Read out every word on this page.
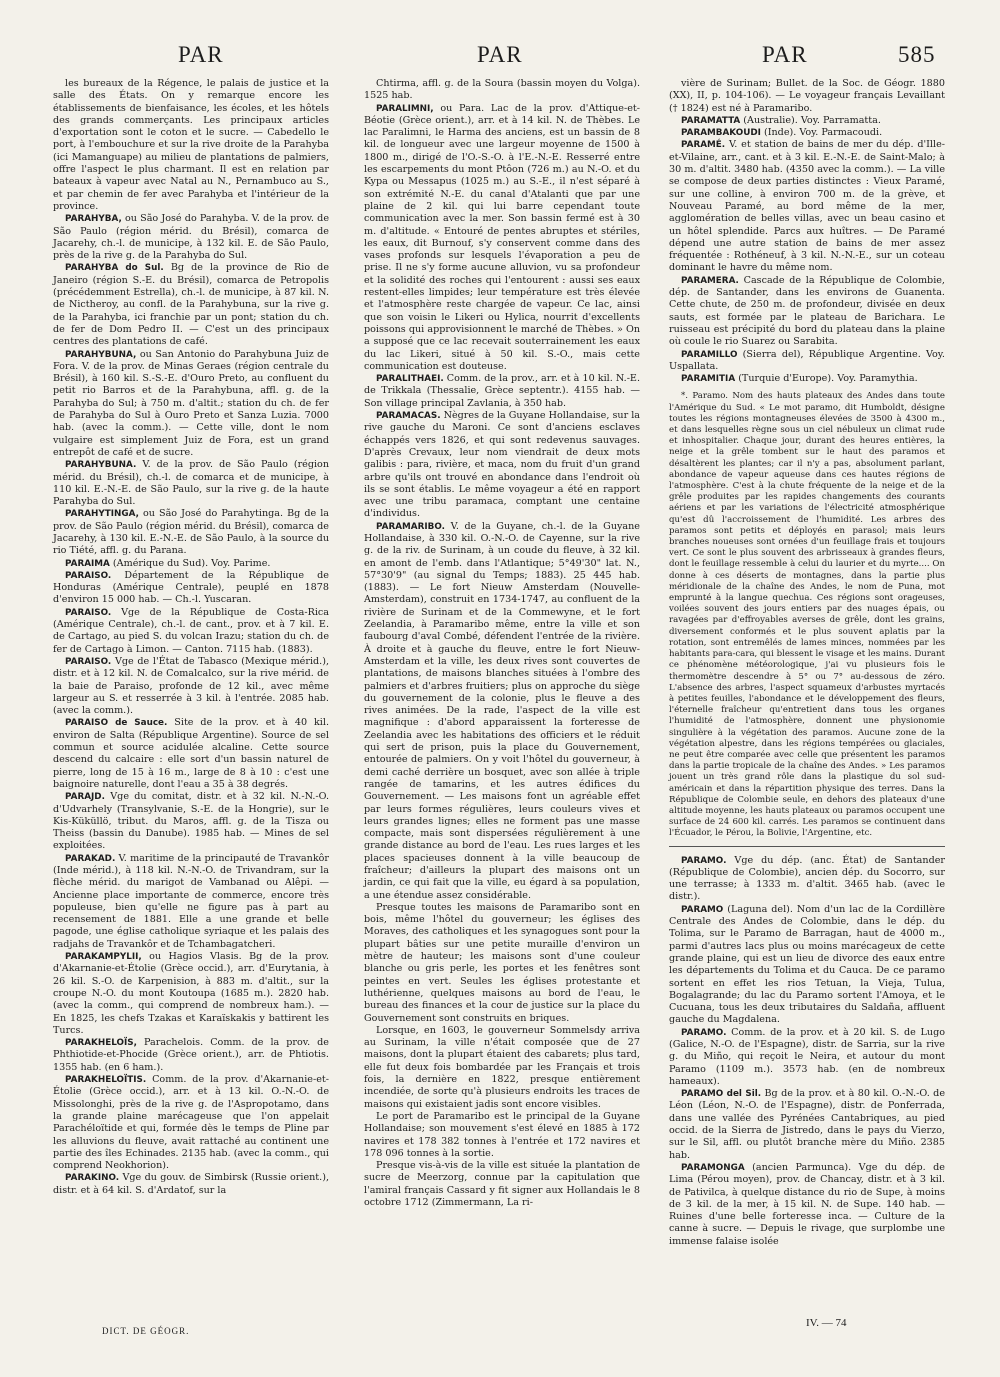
PAR	PAR	PAR	585

les bureaux de la Régence, le palais de justice et la salle des États. On y remarque encore les établissements de bienfaisance, les écoles, et les hôtels des grands commerçants. Les principaux articles d'exportation sont le coton et le sucre. — Cabedello le port, à l'embouchure et sur la rive droite de la Parahyba (ici Mamanguape) au milieu de plantations de palmiers, offre l'aspect le plus charmant. Il est en relation par bateaux à vapeur avec Natal au N., Pernambuco au S., et par chemin de fer avec Parahyba et l'intérieur de la province.

PARAHYBA, ou São José do Parahyba. V. de la prov. de São Paulo (région mérid. du Brésil), comarca de Jacarehy, ch.-l. de municipe, à 132 kil. E. de São Paulo, près de la rive g. de la Parahyba do Sul.

PARAHYBA do Sul. Bg de la province de Rio de Janeiro (région S.-E. du Brésil), comarca de Petropolis (précédemment Estrella), ch.-l. de municipe, à 87 kil. N. de Nictheroy, au confl. de la Parahybuna, sur la rive g. de la Parahyba, ici franchie par un pont; station du ch. de fer de Dom Pedro II. — C'est un des principaux centres des plantations de café.

PARAHYBUNA, ou San Antonio do Parahybuna Juiz de Fora. V. de la prov. de Minas Geraes (région centrale du Brésil), à 160 kil. S.-S.-E. d'Ouro Preto, au confluent du petit rio Barros et de la Parahybuna, affl. g. de la Parahyba do Sul; à 750 m. d'altit.; station du ch. de fer de Parahyba do Sul à Ouro Preto et Sanza Luzia. 7000 hab. (avec la comm.). — Cette ville, dont le nom vulgaire est simplement Juiz de Fora, est un grand entrepôt de café et de sucre.

PARAHYBUNA. V. de la prov. de São Paulo (région mérid. du Brésil), ch.-l. de comarca et de municipe, à 110 kil. E.-N.-E. de São Paulo, sur la rive g. de la haute Parahyba do Sul.

PARAHYTINGA, ou São José do Parahytinga. Bg de la prov. de São Paulo (région mérid. du Brésil), comarca de Jacarehy, à 130 kil. E.-N.-E. de São Paulo, à la source du rio Tiété, affl. g. du Parana.

PARAIMA (Amérique du Sud). Voy. Parime.

PARAISO. Département de la République de Honduras (Amérique Centrale), peuplé en 1878 d'environ 15 000 hab. — Ch.-l. Yuscaran.

PARAISO. Vge de la République de Costa-Rica (Amérique Centrale), ch.-l. de cant., prov. et à 7 kil. E. de Cartago, au pied S. du volcan Irazu; station du ch. de fer de Cartago à Limon. — Canton. 7115 hab. (1883).

PARAISO. Vge de l'État de Tabasco (Mexique mérid.), distr. et à 12 kil. N. de Comalcalco, sur la rive mérid. de la baie de Paraiso, profonde de 12 kil., avec même largeur au S. et resserrée à 3 kil. à l'entrée. 2085 hab. (avec la comm.).

PARAISO de Sauce. Site de la prov. et à 40 kil. environ de Salta (République Argentine). Source de sel commun et source acidulée alcaline. Cette source descend du calcaire : elle sort d'un bassin naturel de pierre, long de 15 à 16 m., large de 8 à 10 : c'est une baignoire naturelle, dont l'eau a 35 à 38 degrés.

PARAJD. Vge du comitat, distr. et à 32 kil. N.-N.-O. d'Udvarhely (Transylvanie, S.-E. de la Hongrie), sur le Kis-Küküllö, tribut. du Maros, affl. g. de la Tisza ou Theiss (bassin du Danube). 1985 hab. — Mines de sel exploitées.

PARAKAD. V. maritime de la principauté de Travankôr (Inde mérid.), à 118 kil. N.-N.-O. de Trivandram, sur la flèche mérid. du marigot de Vambanad ou Alêpi. — Ancienne place importante de commerce, encore très populeuse, bien qu'elle ne figure pas à part au recensement de 1881. Elle a une grande et belle pagode, une église catholique syriaque et les palais des radjahs de Travankôr et de Tchambagatcheri.

PARAKAMPYLII, ou Hagios Vlasis. Bg de la prov. d'Akarnanie-et-Étolie (Grèce occid.), arr. d'Eurytania, à 26 kil. S.-O. de Karpenision, à 883 m. d'altit., sur la croupe N.-O. du mont Koutoupa (1685 m.). 2820 hab. (avec la comm., qui comprend de nombreux ham.). — En 1825, les chefs Tzakas et Karaïskakis y battirent les Turcs.

PARAKHELOÏS, Parachelois. Comm. de la prov. de Phthiotide-et-Phocide (Grèce orient.), arr. de Phtiotis. 1355 hab. (en 6 ham.).

PARAKHELOÏTIS. Comm. de la prov. d'Akarnanie-et-Étolie (Grèce occid.), arr. et à 13 kil. O.-N.-O. de Missolonghi, près de la rive g. de l'Aspropotamo, dans la grande plaine marécageuse que l'on appelait Parachéloïtide et qui, formée dès le temps de Pline par les alluvions du fleuve, avait rattaché au continent une partie des îles Echinades. 2135 hab. (avec la comm., qui comprend Neokhorion).

PARAKINO. Vge du gouv. de Simbirsk (Russie orient.), distr. et à 64 kil. S. d'Ardatof, sur la

Chtirma, affl. g. de la Soura (bassin moyen du Volga). 1525 hab.

PARALIMNI, ou Para. Lac de la prov. d'Attique-et-Béotie (Grèce orient.), arr. et à 14 kil. N. de Thèbes. Le lac Paralimni, le Harma des anciens, est un bassin de 8 kil. de longueur avec une largeur moyenne de 1500 à 1800 m., dirigé de l'O.-S.-O. à l'E.-N.-E. Resserré entre les escarpements du mont Ptôon (726 m.) au N.-O. et du Kypa ou Messapus (1025 m.) au S.-E., il n'est séparé à son extrémité N.-E. du canal d'Atalanti que par une plaine de 2 kil. qui lui barre cependant toute communication avec la mer. Son bassin fermé est à 30 m. d'altitude. « Entouré de pentes abruptes et stériles, les eaux, dit Burnouf, s'y conservent comme dans des vases profonds sur lesquels l'évaporation a peu de prise. Il ne s'y forme aucune alluvion, vu sa profondeur et la solidité des roches qui l'entourent : aussi ses eaux restent-elles limpides; leur température est très élevée et l'atmosphère reste chargée de vapeur. Ce lac, ainsi que son voisin le Likeri ou Hylica, nourrit d'excellents poissons qui approvisionnent le marché de Thèbes. » On a supposé que ce lac recevait souterrainement les eaux du lac Likeri, situé à 50 kil. S.-O., mais cette communication est douteuse.

PARALITHAEI. Comm. de la prov., arr. et à 10 kil. N.-E. de Trikkala (Thessalie, Grèce septentr.). 4155 hab. — Son village principal Zavlania, à 350 hab.

PARAMACAS. Nègres de la Guyane Hollandaise, sur la rive gauche du Maroni. Ce sont d'anciens esclaves échappés vers 1826, et qui sont redevenus sauvages. D'après Crevaux, leur nom viendrait de deux mots galibis : para, rivière, et maca, nom du fruit d'un grand arbre qu'ils ont trouvé en abondance dans l'endroit où ils se sont établis. Le même voyageur a été en rapport avec une tribu paramaca, comptant une centaine d'individus.

PARAMARIBO. V. de la Guyane, ch.-l. de la Guyane Hollandaise, à 330 kil. O.-N.-O. de Cayenne, sur la rive g. de la riv. de Surinam, à un coude du fleuve, à 32 kil. en amont de l'emb. dans l'Atlantique; 5°49'30" lat. N., 57°30'9" (au signal du Temps; 1883). 25 445 hab. (1883). — Le fort Nieuw Amsterdam (Nouvelle-Amsterdam), construit en 1734-1747, au confluent de la rivière de Surinam et de la Commewyne, et le fort Zeelandia, à Paramaribo même, entre la ville et son faubourg d'aval Combé, défendent l'entrée de la rivière. À droite et à gauche du fleuve, entre le fort Nieuw-Amsterdam et la ville, les deux rives sont couvertes de plantations, de maisons blanches situées à l'ombre des palmiers et d'arbres fruitiers; plus on approche du siège du gouvernement de la colonie, plus le fleuve a des rives animées. De la rade, l'aspect de la ville est magnifique : d'abord apparaissent la forteresse de Zeelandia avec les habitations des officiers et le réduit qui sert de prison, puis la place du Gouvernement, entourée de palmiers. On y voit l'hôtel du gouverneur, à demi caché derrière un bosquet, avec son allée à triple rangée de tamarins, et les autres édifices du Gouvernement. — Les maisons font un agréable effet par leurs formes régulières, leurs couleurs vives et leurs grandes lignes; elles ne forment pas une masse compacte, mais sont dispersées régulièrement à une grande distance au bord de l'eau. Les rues larges et les places spacieuses donnent à la ville beaucoup de fraîcheur; d'ailleurs la plupart des maisons ont un jardin, ce qui fait que la ville, eu égard à sa population, a une étendue assez considérable.

Presque toutes les maisons de Paramaribo sont en bois, même l'hôtel du gouverneur; les églises des Moraves, des catholiques et les synagogues sont pour la plupart bâties sur une petite muraille d'environ un mètre de hauteur; les maisons sont d'une couleur blanche ou gris perle, les portes et les fenêtres sont peintes en vert. Seules les églises protestante et luthérienne, quelques maisons au bord de l'eau, le bureau des finances et la cour de justice sur la place du Gouvernement sont construits en briques.

Lorsque, en 1603, le gouverneur Sommelsdy arriva au Surinam, la ville n'était composée que de 27 maisons, dont la plupart étaient des cabarets; plus tard, elle fut deux fois bombardée par les Français et trois fois, la dernière en 1822, presque entièrement incendiée, de sorte qu'à plusieurs endroits les traces de maisons qui existaient jadis sont encore visibles.

Le port de Paramaribo est le principal de la Guyane Hollandaise; son mouvement s'est élevé en 1885 à 172 navires et 178 382 tonnes à l'entrée et 172 navires et 178 096 tonnes à la sortie.

Presque vis-à-vis de la ville est située la plantation de sucre de Meerzorg, connue par la capitulation que l'amiral français Cassard y fit signer aux Hollandais le 8 octobre 1712 (Zimmermann, La ri-

vière de Surinam; Bullet. de la Soc. de Géogr. 1880 (XX), II, p. 104-106). — Le voyageur français Levaillant († 1824) est né à Paramaribo.

PARAMATTA (Australie). Voy. Parramatta.

PARAMBAKOUDI (Inde). Voy. Parmacoudi.

PARAMÉ. V. et station de bains de mer du dép. d'Ille-et-Vilaine, arr., cant. et à 3 kil. E.-N.-E. de Saint-Malo; à 30 m. d'altit. 3480 hab. (4350 avec la comm.). — La ville se compose de deux parties distinctes : Vieux Paramé, sur une colline, à environ 700 m. de la grève, et Nouveau Paramé, au bord même de la mer, agglomération de belles villas, avec un beau casino et un hôtel splendide. Parcs aux huîtres. — De Paramé dépend une autre station de bains de mer assez fréquentée : Rothéneuf, à 3 kil. N.-N.-E., sur un coteau dominant le havre du même nom.

PARAMERA. Cascade de la République de Colombie, dép. de Santander, dans les environs de Guanenta. Cette chute, de 250 m. de profondeur, divisée en deux sauts, est formée par le plateau de Barichara. Le ruisseau est précipité du bord du plateau dans la plaine où coule le rio Suarez ou Sarabita.

PARAMILLO (Sierra del), République Argentine. Voy. Uspallata.

PARAMITIA (Turquie d'Europe). Voy. Paramythia.

*. Paramo. Nom des hauts plateaux des Andes dans toute l'Amérique du Sud. « Le mot paramo, dit Humboldt, désigne toutes les régions montagneuses élevées de 3500 à 4300 m., et dans lesquelles règne sous un ciel nébuleux un climat rude et inhospitalier. Chaque jour, durant des heures entières, la neige et la grêle tombent sur le haut des paramos et désaltèrent les plantes; car il n'y a pas, absolument parlant, abondance de vapeur aqueuse dans ces hautes régions de l'atmosphère. C'est à la chute fréquente de la neige et de la grêle produites par les rapides changements des courants aériens et par les variations de l'électricité atmosphérique qu'est dû l'accroissement de l'humidité. Les arbres des paramos sont petits et déployés en parasol; mais leurs branches noueuses sont ornées d'un feuillage frais et toujours vert. Ce sont le plus souvent des arbrisseaux à grandes fleurs, dont le feuillage ressemble à celui du laurier et du myrte.... On donne à ces déserts de montagnes, dans la partie plus méridionale de la chaîne des Andes, le nom de Puna, mot emprunté à la langue quechua. Ces régions sont orageuses, voilées souvent des jours entiers par des nuages épais, ou ravagées par d'effroyables averses de grêle, dont les grains, diversement conformés et le plus souvent aplatis par la rotation, sont entremêlés de lames minces, nommées par les habitants para-cara, qui blessent le visage et les mains. Durant ce phénomène météorologique, j'ai vu plusieurs fois le thermomètre descendre à 5° ou 7° au-dessous de zéro. L'absence des arbres, l'aspect squameux d'arbustes myrtacés à petites feuilles, l'abondance et le développement des fleurs, l'éternelle fraîcheur qu'entretient dans tous les organes l'humidité de l'atmosphère, donnent une physionomie singulière à la végétation des paramos. Aucune zone de la végétation alpestre, dans les régions tempérées ou glaciales, ne peut être comparée avec celle que présentent les paramos dans la partie tropicale de la chaîne des Andes. » Les paramos jouent un très grand rôle dans la plastique du sol sud-américain et dans la répartition physique des terres. Dans la République de Colombie seule, en dehors des plateaux d'une altitude moyenne, les hauts plateaux ou paramos occupent une surface de 24 600 kil. carrés. Les paramos se continuent dans l'Écuador, le Pérou, la Bolivie, l'Argentine, etc.

PARAMO. Vge du dép. (anc. État) de Santander (République de Colombie), ancien dép. du Socorro, sur une terrasse; à 1333 m. d'altit. 3465 hab. (avec le distr.).

PARAMO (Laguna del). Nom d'un lac de la Cordillère Centrale des Andes de Colombie, dans le dép. du Tolima, sur le Paramo de Barragan, haut de 4000 m., parmi d'autres lacs plus ou moins marécageux de cette grande plaine, qui est un lieu de divorce des eaux entre les départements du Tolima et du Cauca. De ce paramo sortent en effet les rios Tetuan, la Vieja, Tulua, Bogalagrande; du lac du Paramo sortent l'Amoya, et le Cucuana, tous les deux tributaires du Saldaña, affluent gauche du Magdalena.

PARAMO. Comm. de la prov. et à 20 kil. S. de Lugo (Galice, N.-O. de l'Espagne), distr. de Sarria, sur la rive g. du Miño, qui reçoit le Neira, et autour du mont Paramo (1109 m.). 3573 hab. (en de nombreux hameaux).

PARAMO del Sil. Bg de la prov. et à 80 kil. O.-N.-O. de Léon (Léon, N.-O. de l'Espagne), distr. de Ponferrada, dans une vallée des Pyrénées Cantabriques, au pied occid. de la Sierra de Jistredo, dans le pays du Vierzo, sur le Sil, affl. ou plutôt branche mère du Miño. 2385 hab.

PARAMONGA (ancien Parmunca). Vge du dép. de Lima (Pérou moyen), prov. de Chancay, distr. et à 3 kil. de Pativilca, à quelque distance du rio de Supe, à moins de 3 kil. de la mer, à 15 kil. N. de Supe. 140 hab. — Ruines d'une belle forteresse inca. — Culture de la canne à sucre. — Depuis le rivage, que surplombe une immense falaise isolée

DICT. DE GÉOGR.
IV. — 74
